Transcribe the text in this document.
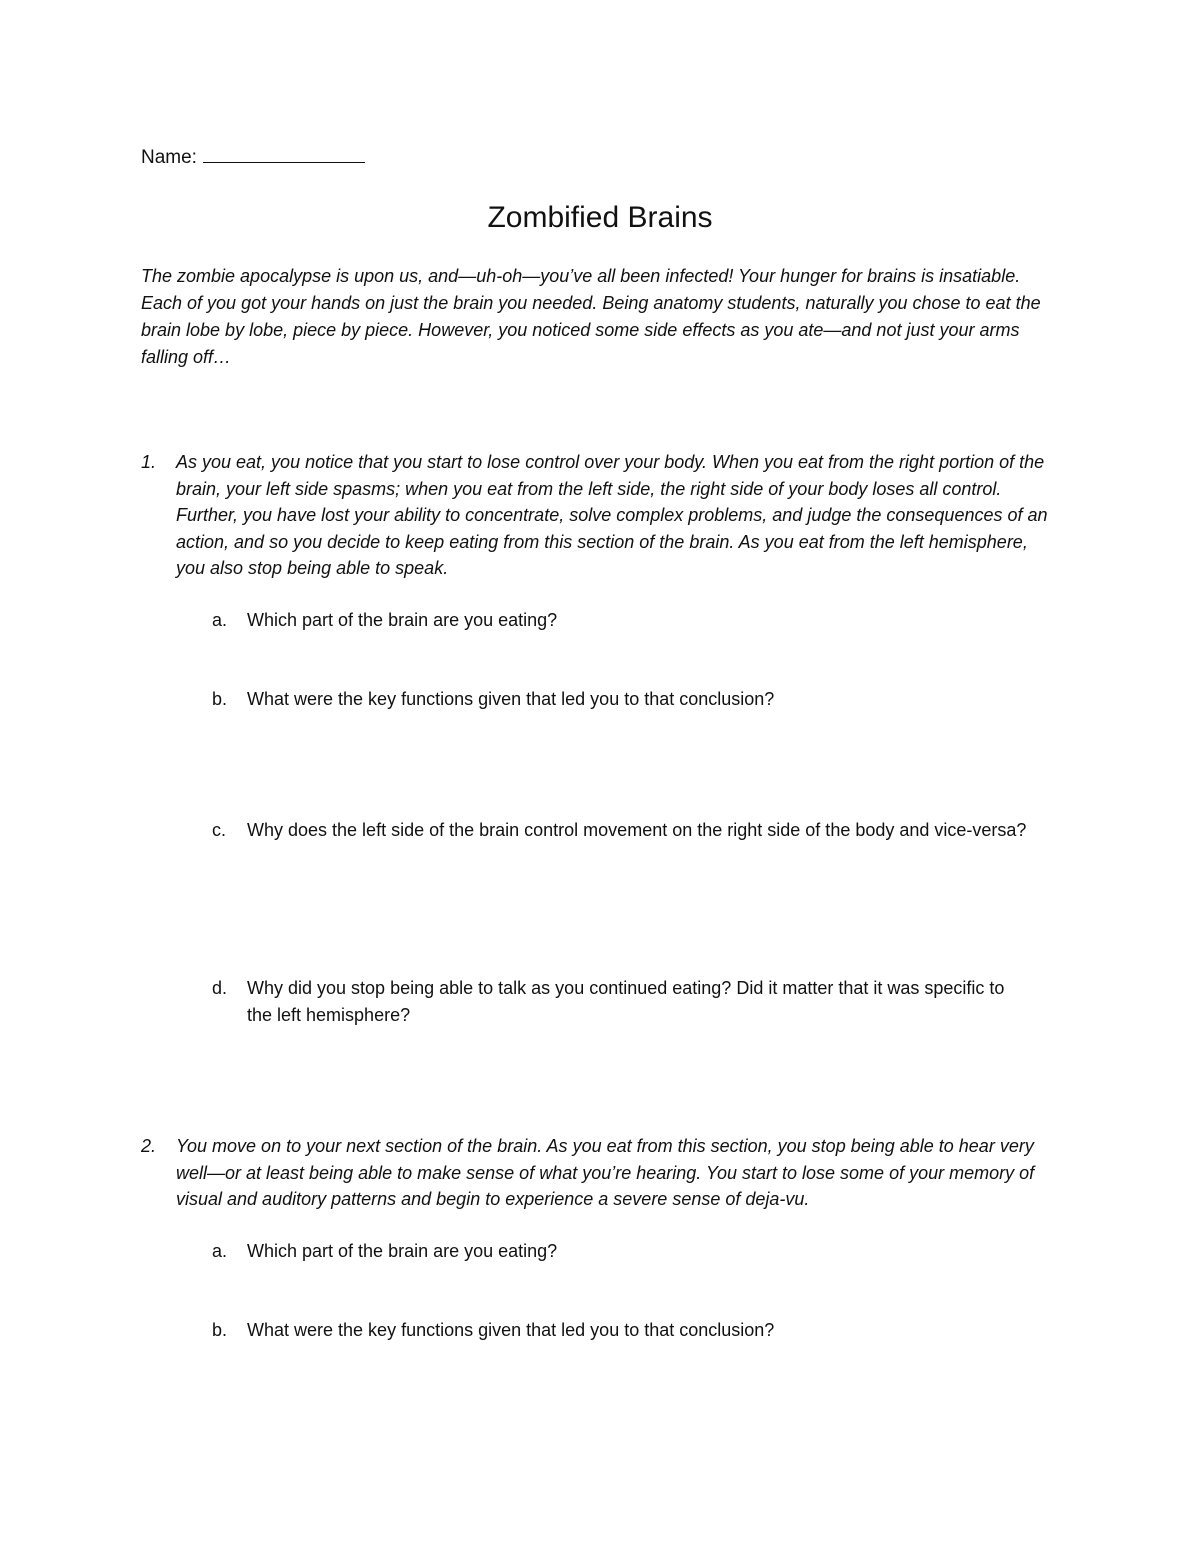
Name:
Zombified Brains
The zombie apocalypse is upon us, and—uh-oh—you’ve all been infected! Your hunger for brains is insatiable. Each of you got your hands on just the brain you needed. Being anatomy students, naturally you chose to eat the brain lobe by lobe, piece by piece. However, you noticed some side effects as you ate—and not just your arms falling off…
1. As you eat, you notice that you start to lose control over your body. When you eat from the right portion of the brain, your left side spasms; when you eat from the left side, the right side of your body loses all control. Further, you have lost your ability to concentrate, solve complex problems, and judge the consequences of an action, and so you decide to keep eating from this section of the brain. As you eat from the left hemisphere, you also stop being able to speak.
a. Which part of the brain are you eating?
b. What were the key functions given that led you to that conclusion?
c. Why does the left side of the brain control movement on the right side of the body and vice-versa?
d. Why did you stop being able to talk as you continued eating? Did it matter that it was specific to the left hemisphere?
2. You move on to your next section of the brain. As you eat from this section, you stop being able to hear very well—or at least being able to make sense of what you’re hearing. You start to lose some of your memory of visual and auditory patterns and begin to experience a severe sense of deja-vu.
a. Which part of the brain are you eating?
b. What were the key functions given that led you to that conclusion?
